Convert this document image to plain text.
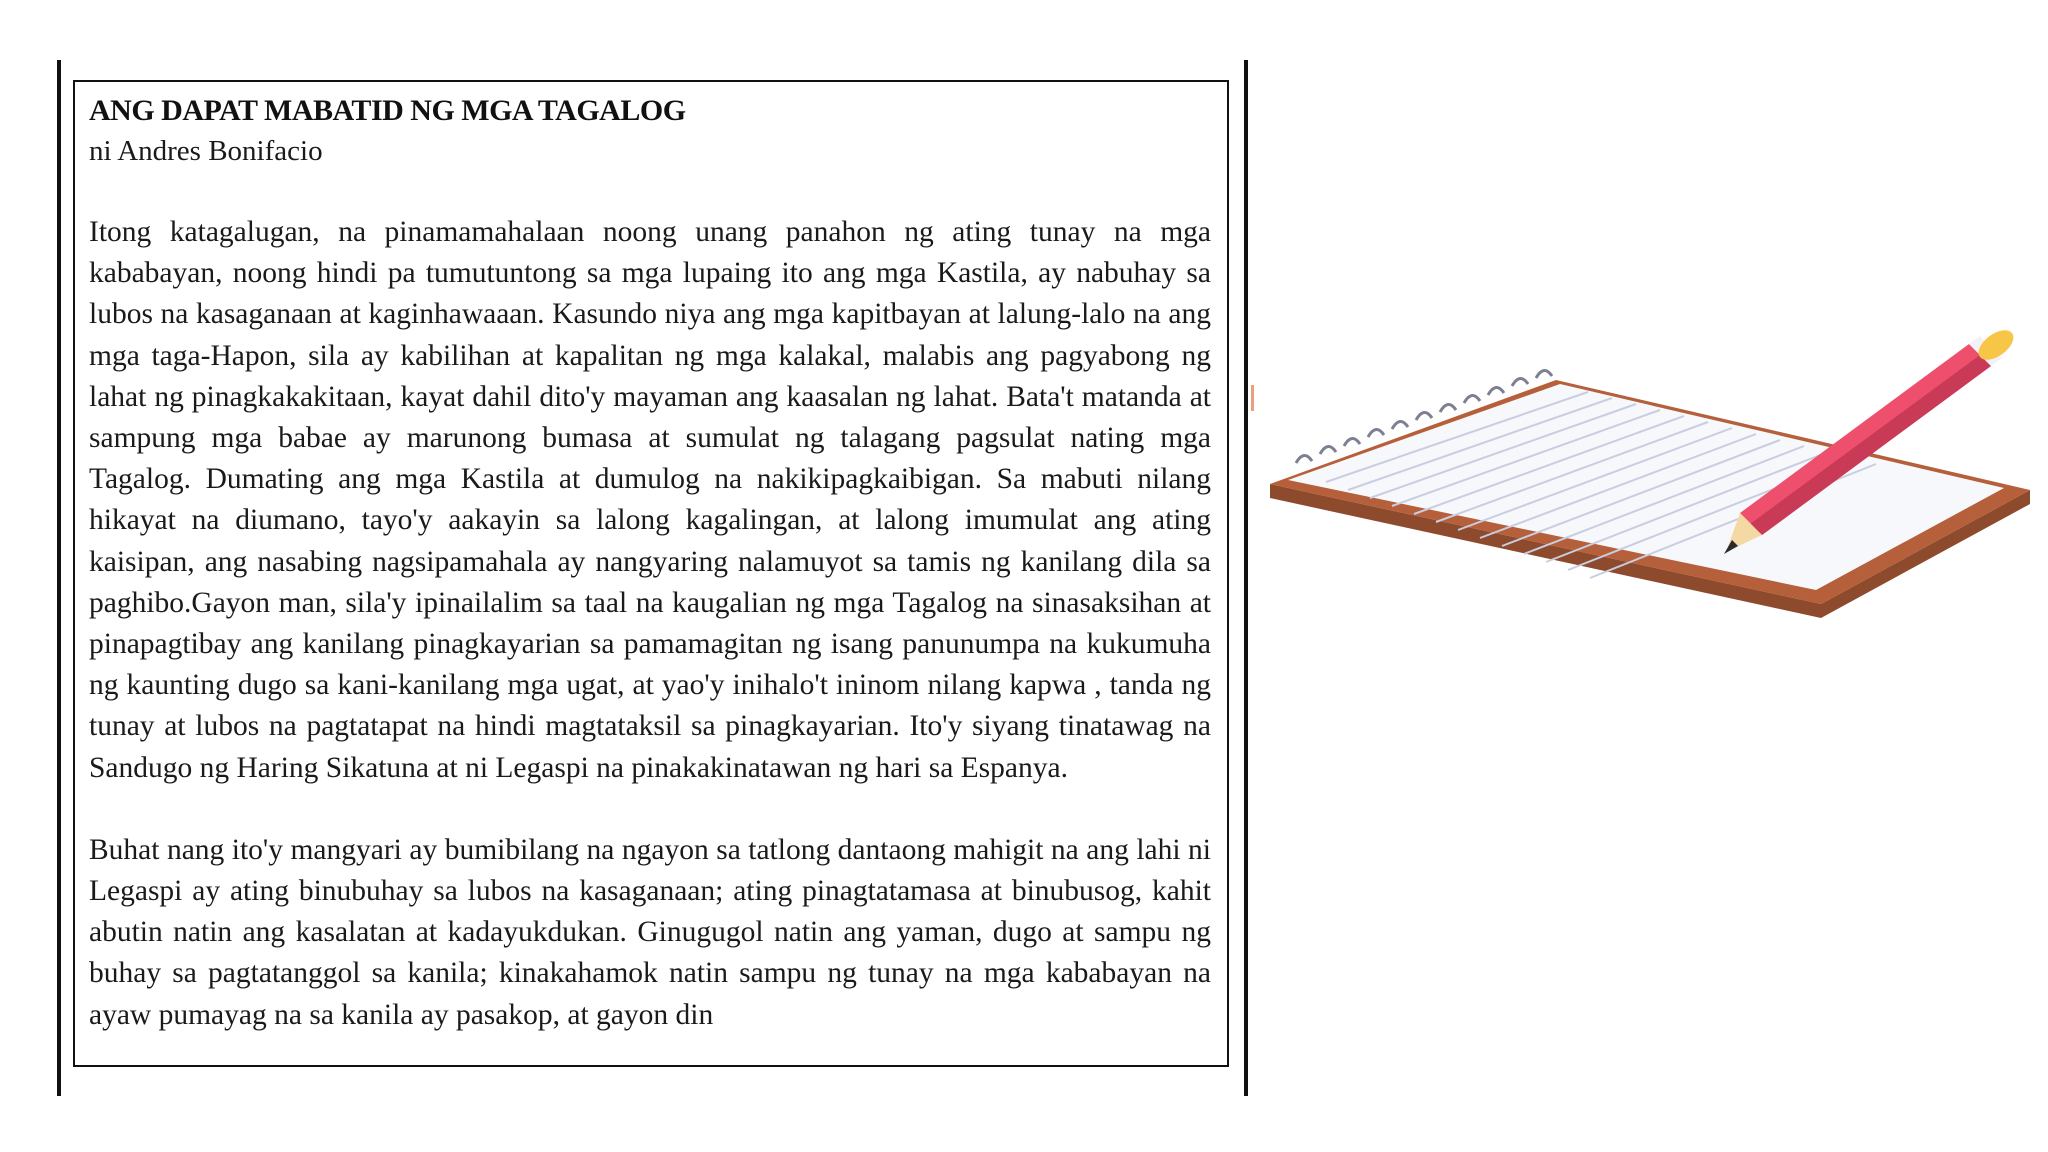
ANG DAPAT MABATID NG MGA TAGALOG

ni Andres Bonifacio

Itong katagalugan, na pinamamahalaan noong unang panahon ng ating tunay na mga kababayan, noong hindi pa tumutuntong sa mga lupaing ito ang mga Kastila, ay nabuhay sa lubos na kasaganaan at kaginhawaaan. Kasundo niya ang mga kapitbayan at lalung-lalo na ang mga taga-Hapon, sila ay kabilihan at kapalitan ng mga kalakal, malabis ang pagyabong ng lahat ng pinagkakakitaan, kayat dahil dito'y mayaman ang kaasalan ng lahat. Bata't matanda at sampung mga babae ay marunong bumasa at sumulat ng talagang pagsulat nating mga Tagalog. Dumating ang mga Kastila at dumulog na nakikipagkaibigan. Sa mabuti nilang hikayat na diumano, tayo'y aakayin sa lalong kagalingan, at lalong imumulat ang ating kaisipan, ang nasabing nagsipamahala ay nangyaring nalamuyot sa tamis ng kanilang dila sa paghibo.Gayon man, sila'y ipinailalim sa taal na kaugalian ng mga Tagalog na sinasaksihan at pinapagtibay ang kanilang pinagkayarian sa pamamagitan ng isang panunumpa na kukumuha ng kaunting dugo sa kani-kanilang mga ugat, at yao'y inihalo't ininom nilang kapwa , tanda ng tunay at lubos na pagtatapat na hindi magtataksil sa pinagkayarian. Ito'y siyang tinatawag na Sandugo ng Haring Sikatuna at ni Legaspi na pinakakinatawan ng hari sa Espanya.

Buhat nang ito'y mangyari ay bumibilang na ngayon sa tatlong dantaong mahigit na ang lahi ni Legaspi ay ating binubuhay sa lubos na kasaganaan; ating pinagtatamasa at binubusog, kahit abutin natin ang kasalatan at kadayukdukan. Ginugugol natin ang yaman, dugo at sampu ng buhay sa pagtatanggol sa kanila; kinakahamok natin sampu ng tunay na mga kababayan na ayaw pumayag na sa kanila ay pasakop, at gayon din
